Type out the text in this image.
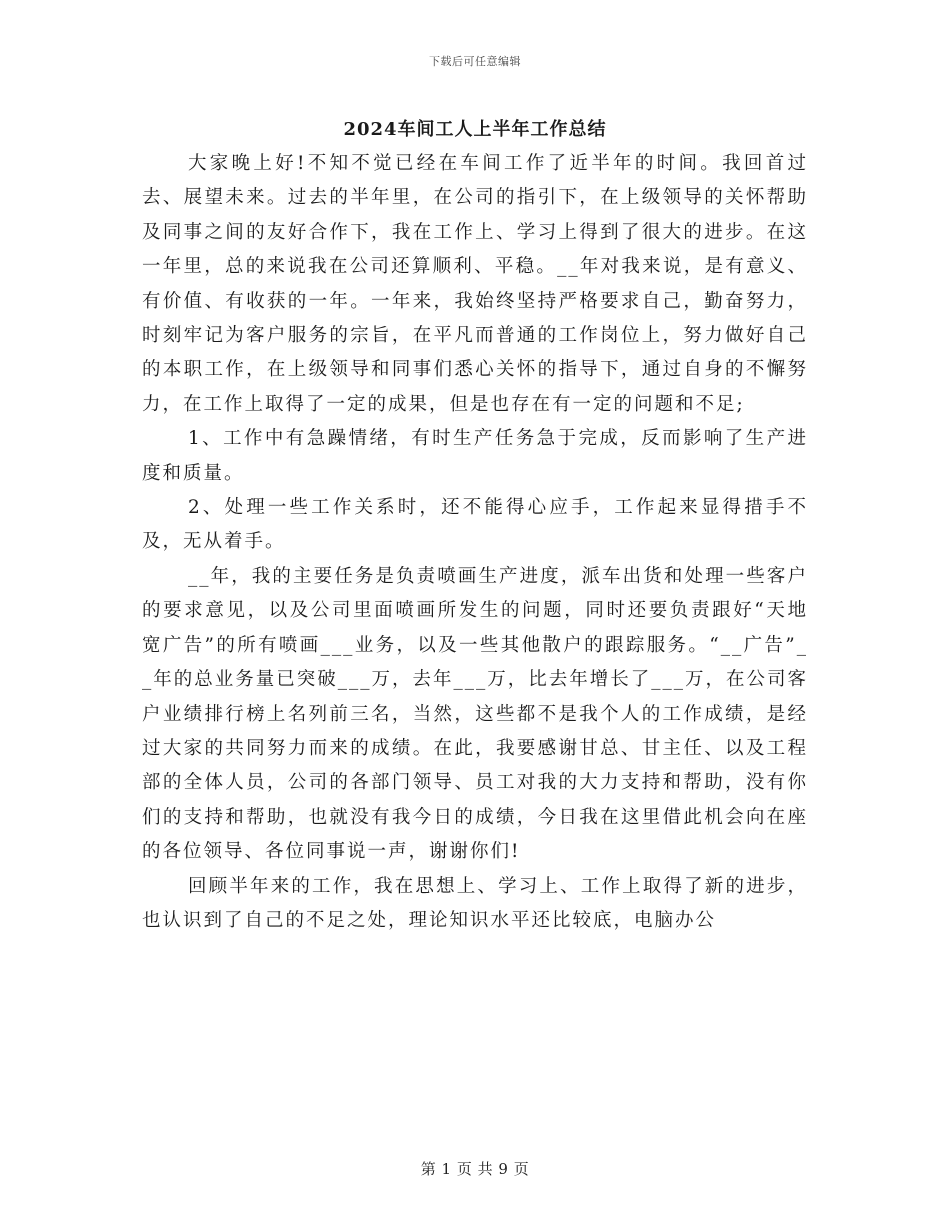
下载后可任意编辑
2024车间工人上半年工作总结

大家晚上好!不知不觉已经在车间工作了近半年的时间。我回首过去、展望未来。过去的半年里，在公司的指引下，在上级领导的关怀帮助及同事之间的友好合作下，我在工作上、学习上得到了很大的进步。在这一年里，总的来说我在公司还算顺利、平稳。__年对我来说，是有意义、有价值、有收获的一年。一年来，我始终坚持严格要求自己，勤奋努力，时刻牢记为客户服务的宗旨，在平凡而普通的工作岗位上，努力做好自己的本职工作，在上级领导和同事们悉心关怀的指导下，通过自身的不懈努力，在工作上取得了一定的成果，但是也存在有一定的问题和不足;

1、工作中有急躁情绪，有时生产任务急于完成，反而影响了生产进度和质量。

2、处理一些工作关系时，还不能得心应手，工作起来显得措手不及，无从着手。

__年，我的主要任务是负责喷画生产进度，派车出货和处理一些客户的要求意见，以及公司里面喷画所发生的问题，同时还要负责跟好“天地宽广告”的所有喷画___业务，以及一些其他散户的跟踪服务。“__广告”__年的总业务量已突破___万，去年___万，比去年增长了___万，在公司客户业绩排行榜上名列前三名，当然，这些都不是我个人的工作成绩，是经过大家的共同努力而来的成绩。在此，我要感谢甘总、甘主任、以及工程部的全体人员，公司的各部门领导、员工对我的大力支持和帮助，没有你们的支持和帮助，也就没有我今日的成绩，今日我在这里借此机会向在座的各位领导、各位同事说一声，谢谢你们!

回顾半年来的工作，我在思想上、学习上、工作上取得了新的进步，也认识到了自己的不足之处，理论知识水平还比较底，电脑办公

第 1 页 共 9 页
